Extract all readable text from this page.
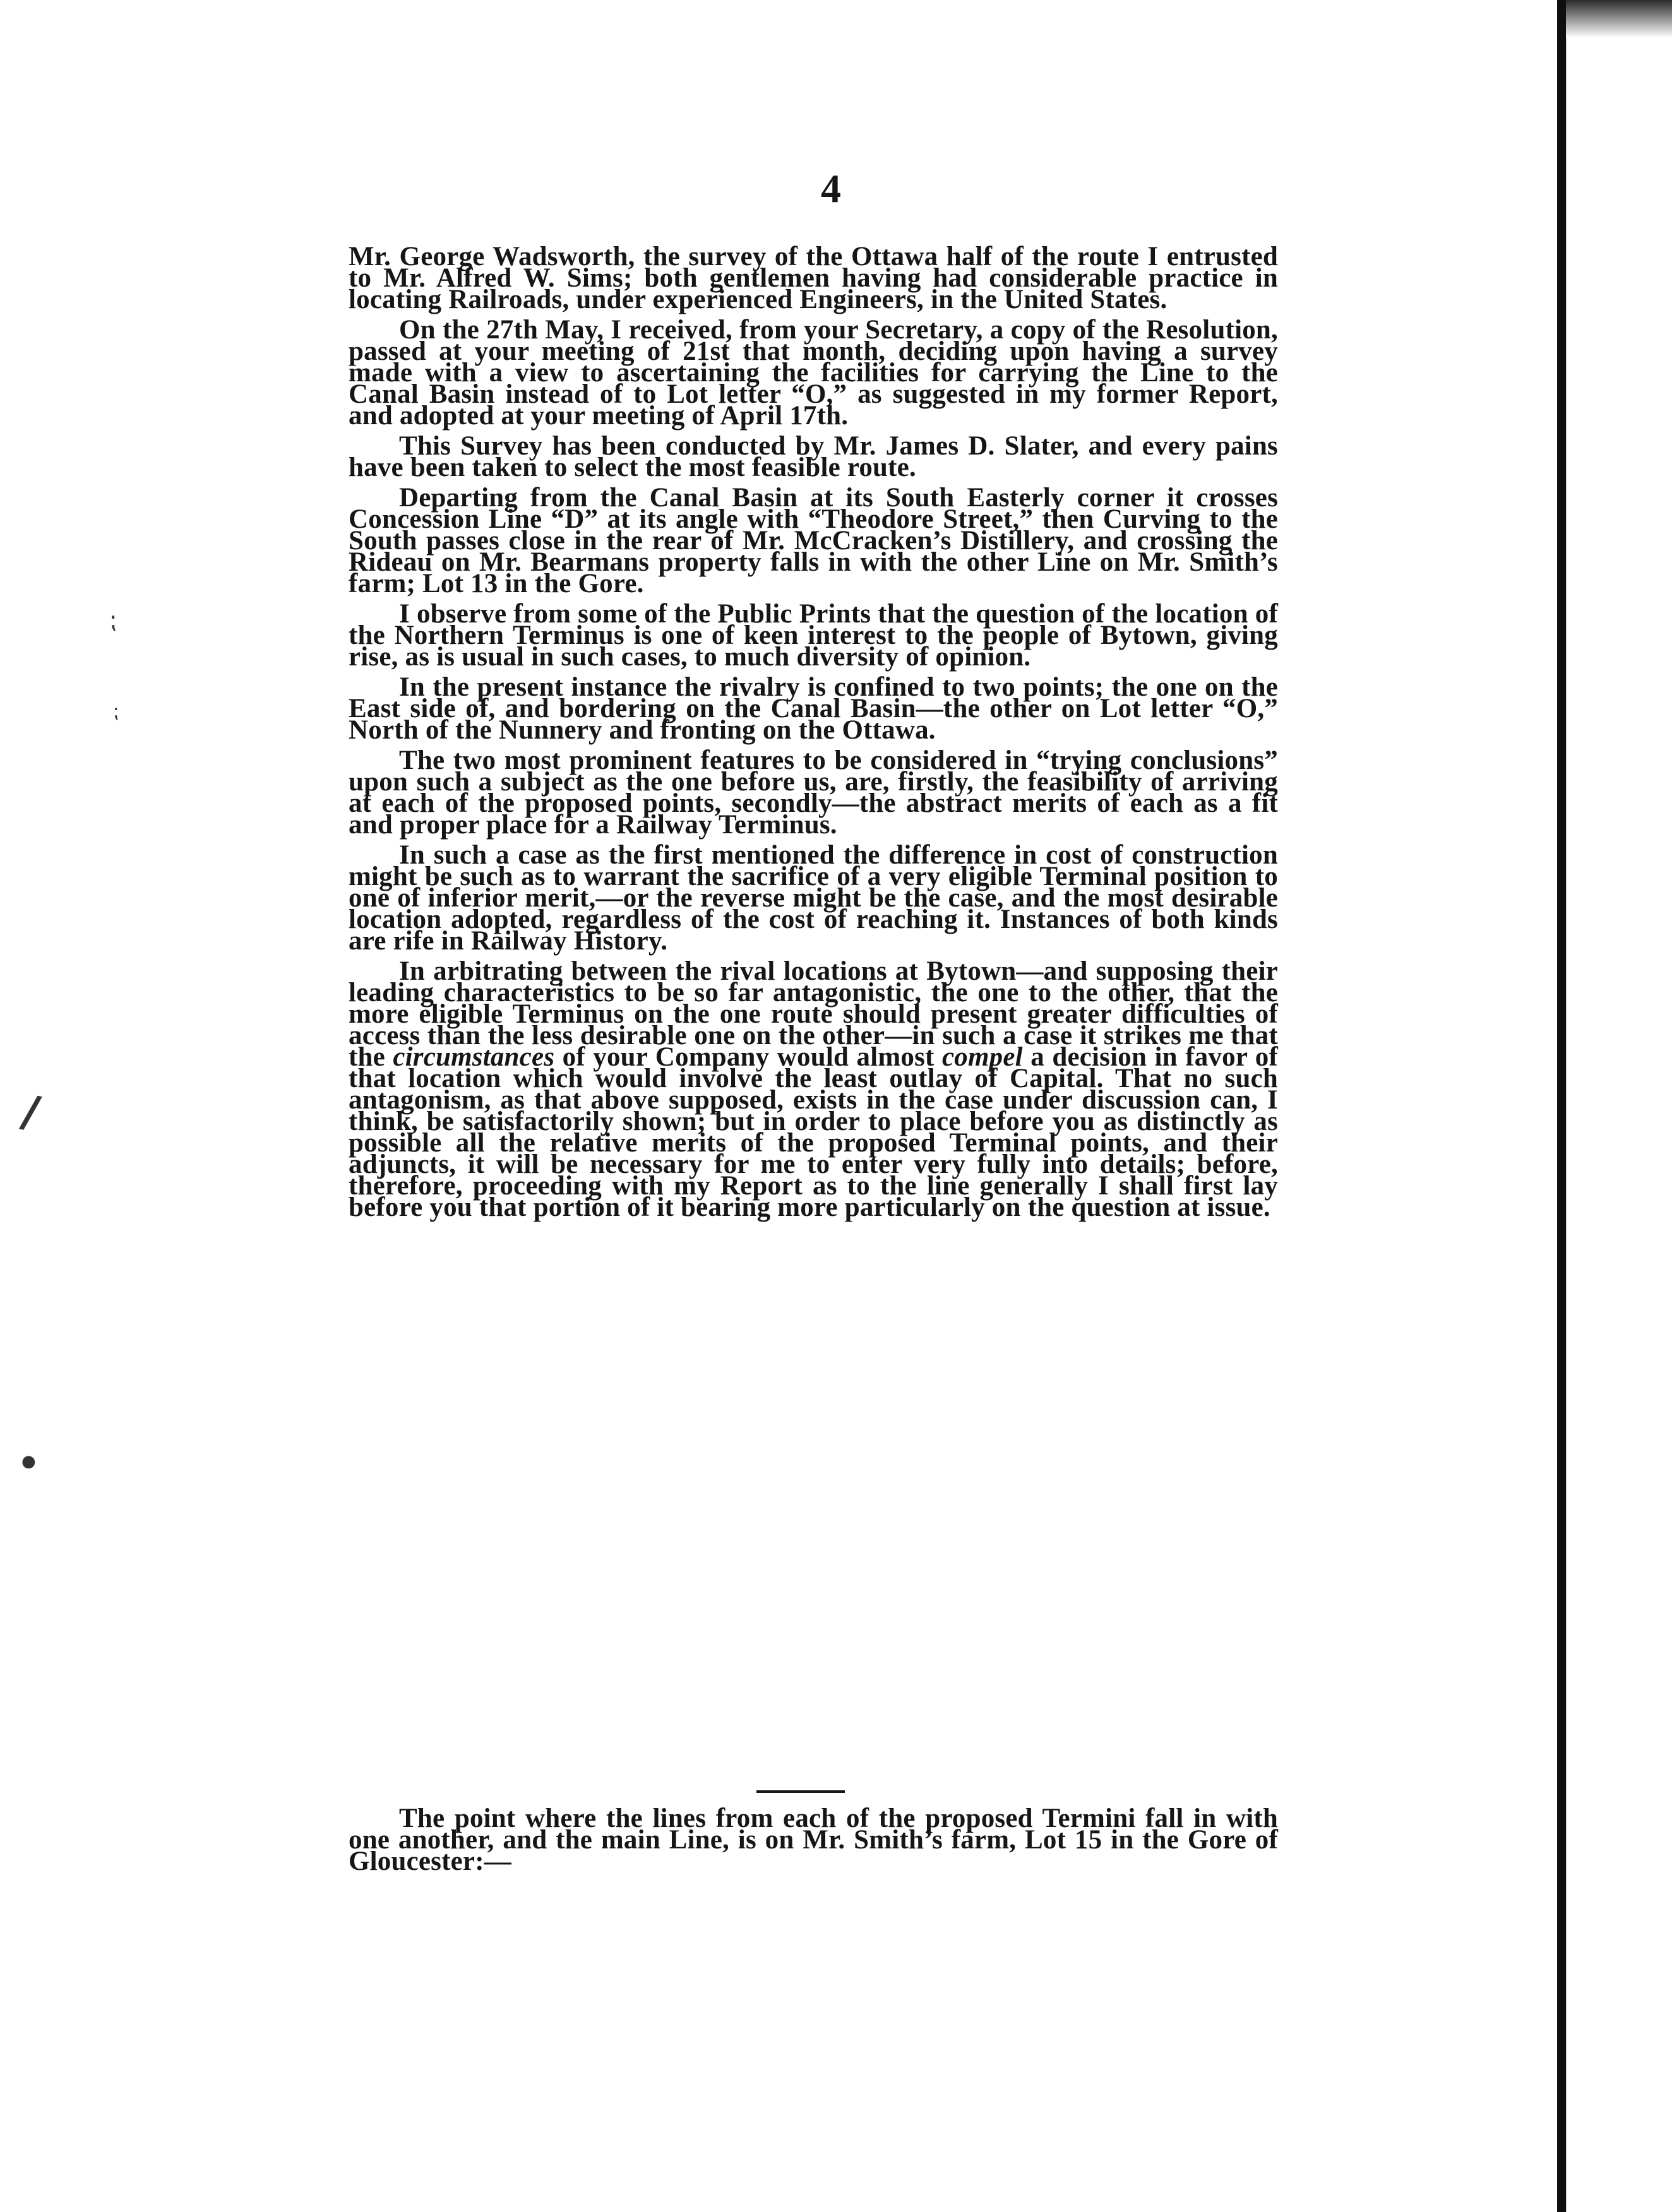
⁏
⁏
/
●
4

Mr. George Wadsworth, the survey of the Ottawa half of the route I entrusted to Mr. Alfred W. Sims; both gentlemen having had considerable practice in locating Railroads, under experienced Engineers, in the United States.

On the 27th May, I received, from your Secretary, a copy of the Resolution, passed at your meeting of 21st that month, deciding upon having a survey made with a view to ascertaining the facilities for carrying the Line to the Canal Basin instead of to Lot letter “O,” as suggested in my former Report, and adopted at your meeting of April 17th.

This Survey has been conducted by Mr. James D. Slater, and every pains have been taken to select the most feasible route.

Departing from the Canal Basin at its South Easterly corner it crosses Concession Line “D” at its angle with “Theodore Street,” then Curving to the South passes close in the rear of Mr. McCracken’s Distillery, and crossing the Rideau on Mr. Bearmans property falls in with the other Line on Mr. Smith’s farm; Lot 13 in the Gore.

I observe from some of the Public Prints that the question of the location of the Northern Terminus is one of keen interest to the people of Bytown, giving rise, as is usual in such cases, to much diversity of opinion.

In the present instance the rivalry is confined to two points; the one on the East side of, and bordering on the Canal Basin—the other on Lot letter “O,” North of the Nunnery and fronting on the Ottawa.

The two most prominent features to be considered in “trying conclusions” upon such a subject as the one before us, are, firstly, the feasibility of arriving at each of the proposed points, secondly—the abstract merits of each as a fit and proper place for a Railway Terminus.

In such a case as the first mentioned the difference in cost of construction might be such as to warrant the sacrifice of a very eligible Terminal position to one of inferior merit,—or the reverse might be the case, and the most desirable location adopted, regardless of the cost of reaching it. Instances of both kinds are rife in Railway History.

In arbitrating between the rival locations at Bytown—and supposing their leading characteristics to be so far antagonistic, the one to the other, that the more eligible Terminus on the one route should present greater difficulties of access than the less desirable one on the other—in such a case it strikes me that the circumstances of your Company would almost compel a decision in favor of that location which would involve the least outlay of Capital. That no such antagonism, as that above supposed, exists in the case under discussion can, I think, be satisfactorily shown; but in order to place before you as distinctly as possible all the relative merits of the proposed Terminal points, and their adjuncts, it will be necessary for me to enter very fully into details; before, therefore, proceeding with my Report as to the line generally I shall first lay before you that portion of it bearing more particularly on the question at issue.

The point where the lines from each of the proposed Termini fall in with one another, and the main Line, is on Mr. Smith’s farm, Lot 15 in the Gore of Gloucester:—
